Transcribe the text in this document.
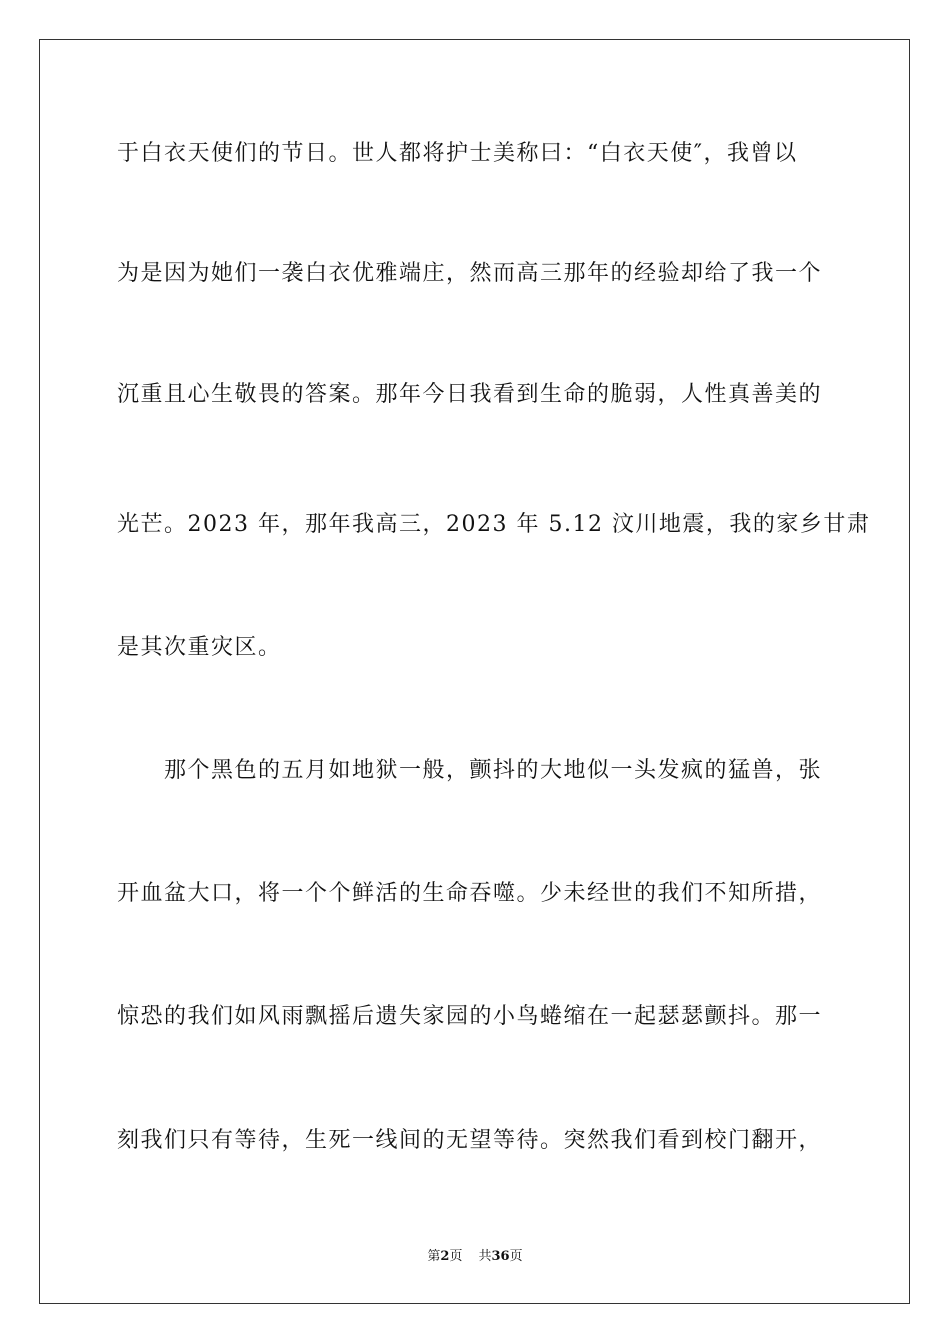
于白衣天使们的节日。世人都将护士美称曰：“白衣天使″，我曾以
为是因为她们一袭白衣优雅端庄，然而高三那年的经验却给了我一个
沉重且心生敬畏的答案。那年今日我看到生命的脆弱，人性真善美的
光芒。2023 年，那年我高三，2023 年 5.12 汶川地震，我的家乡甘肃
是其次重灾区。
　　那个黑色的五月如地狱一般，颤抖的大地似一头发疯的猛兽，张
开血盆大口，将一个个鲜活的生命吞噬。少未经世的我们不知所措，
惊恐的我们如风雨飘摇后遗失家园的小鸟蜷缩在一起瑟瑟颤抖。那一
刻我们只有等待，生死一线间的无望等待。突然我们看到校门翻开，
第2页 共36页
